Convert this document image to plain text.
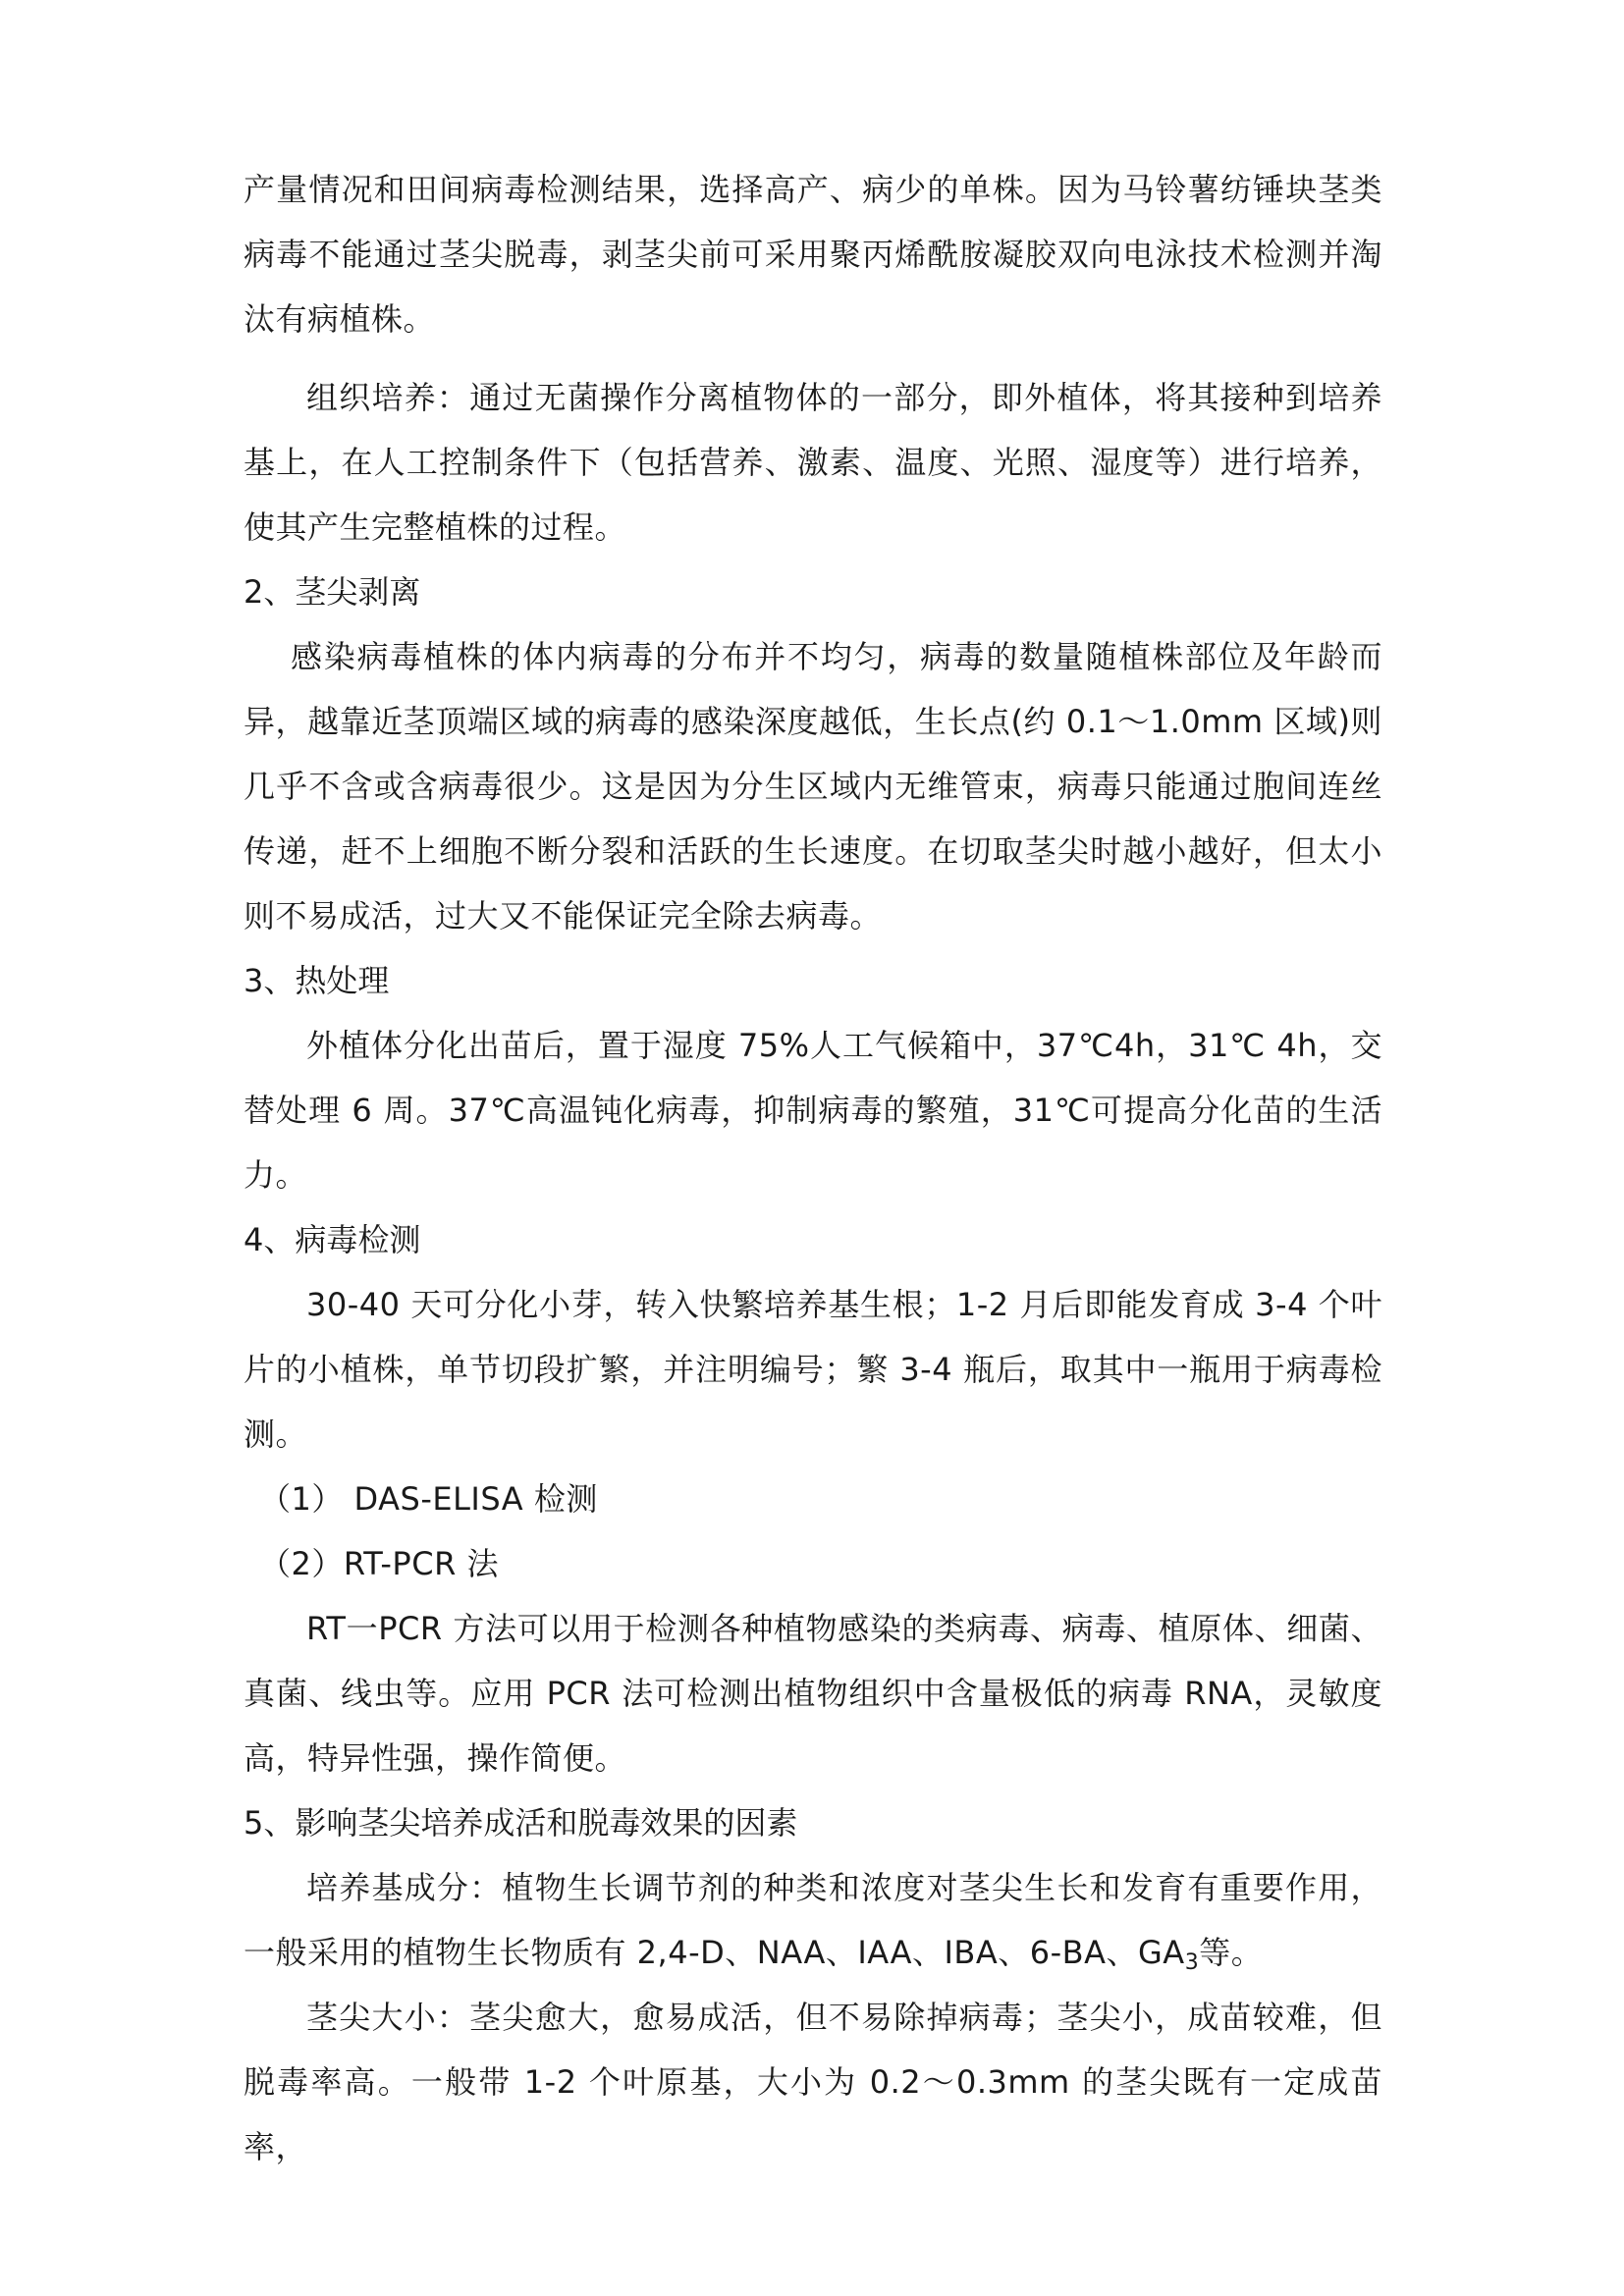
产量情况和田间病毒检测结果，选择高产、病少的单株。因为马铃薯纺锤块茎类病毒不能通过茎尖脱毒，剥茎尖前可采用聚丙烯酰胺凝胶双向电泳技术检测并淘汰有病植株。

组织培养：通过无菌操作分离植物体的一部分，即外植体，将其接种到培养基上，在人工控制条件下（包括营养、激素、温度、光照、湿度等）进行培养，使其产生完整植株的过程。

2、茎尖剥离

感染病毒植株的体内病毒的分布并不均匀，病毒的数量随植株部位及年龄而异，越靠近茎顶端区域的病毒的感染深度越低，生长点(约 0.1～1.0mm 区域)则几乎不含或含病毒很少。这是因为分生区域内无维管束，病毒只能通过胞间连丝传递，赶不上细胞不断分裂和活跃的生长速度。在切取茎尖时越小越好，但太小则不易成活，过大又不能保证完全除去病毒。

3、热处理

外植体分化出苗后，置于湿度 75%人工气候箱中，37℃4h，31℃ 4h，交替处理 6 周。37℃高温钝化病毒，抑制病毒的繁殖，31℃可提高分化苗的生活力。

4、病毒检测

30-40 天可分化小芽，转入快繁培养基生根；1-2 月后即能发育成 3-4 个叶片的小植株，单节切段扩繁，并注明编号；繁 3-4 瓶后，取其中一瓶用于病毒检测。

（1） DAS-ELISA 检测

（2）RT-PCR 法

RT一PCR 方法可以用于检测各种植物感染的类病毒、病毒、植原体、细菌、真菌、线虫等。应用 PCR 法可检测出植物组织中含量极低的病毒 RNA，灵敏度高，特异性强，操作简便。

5、影响茎尖培养成活和脱毒效果的因素

培养基成分：植物生长调节剂的种类和浓度对茎尖生长和发育有重要作用，一般采用的植物生长物质有 2,4-D、NAA、IAA、IBA、6-BA、$GA_3$等。

茎尖大小：茎尖愈大，愈易成活，但不易除掉病毒；茎尖小，成苗较难，但脱毒率高。一般带 1-2 个叶原基，大小为 0.2～0.3mm 的茎尖既有一定成苗率，
